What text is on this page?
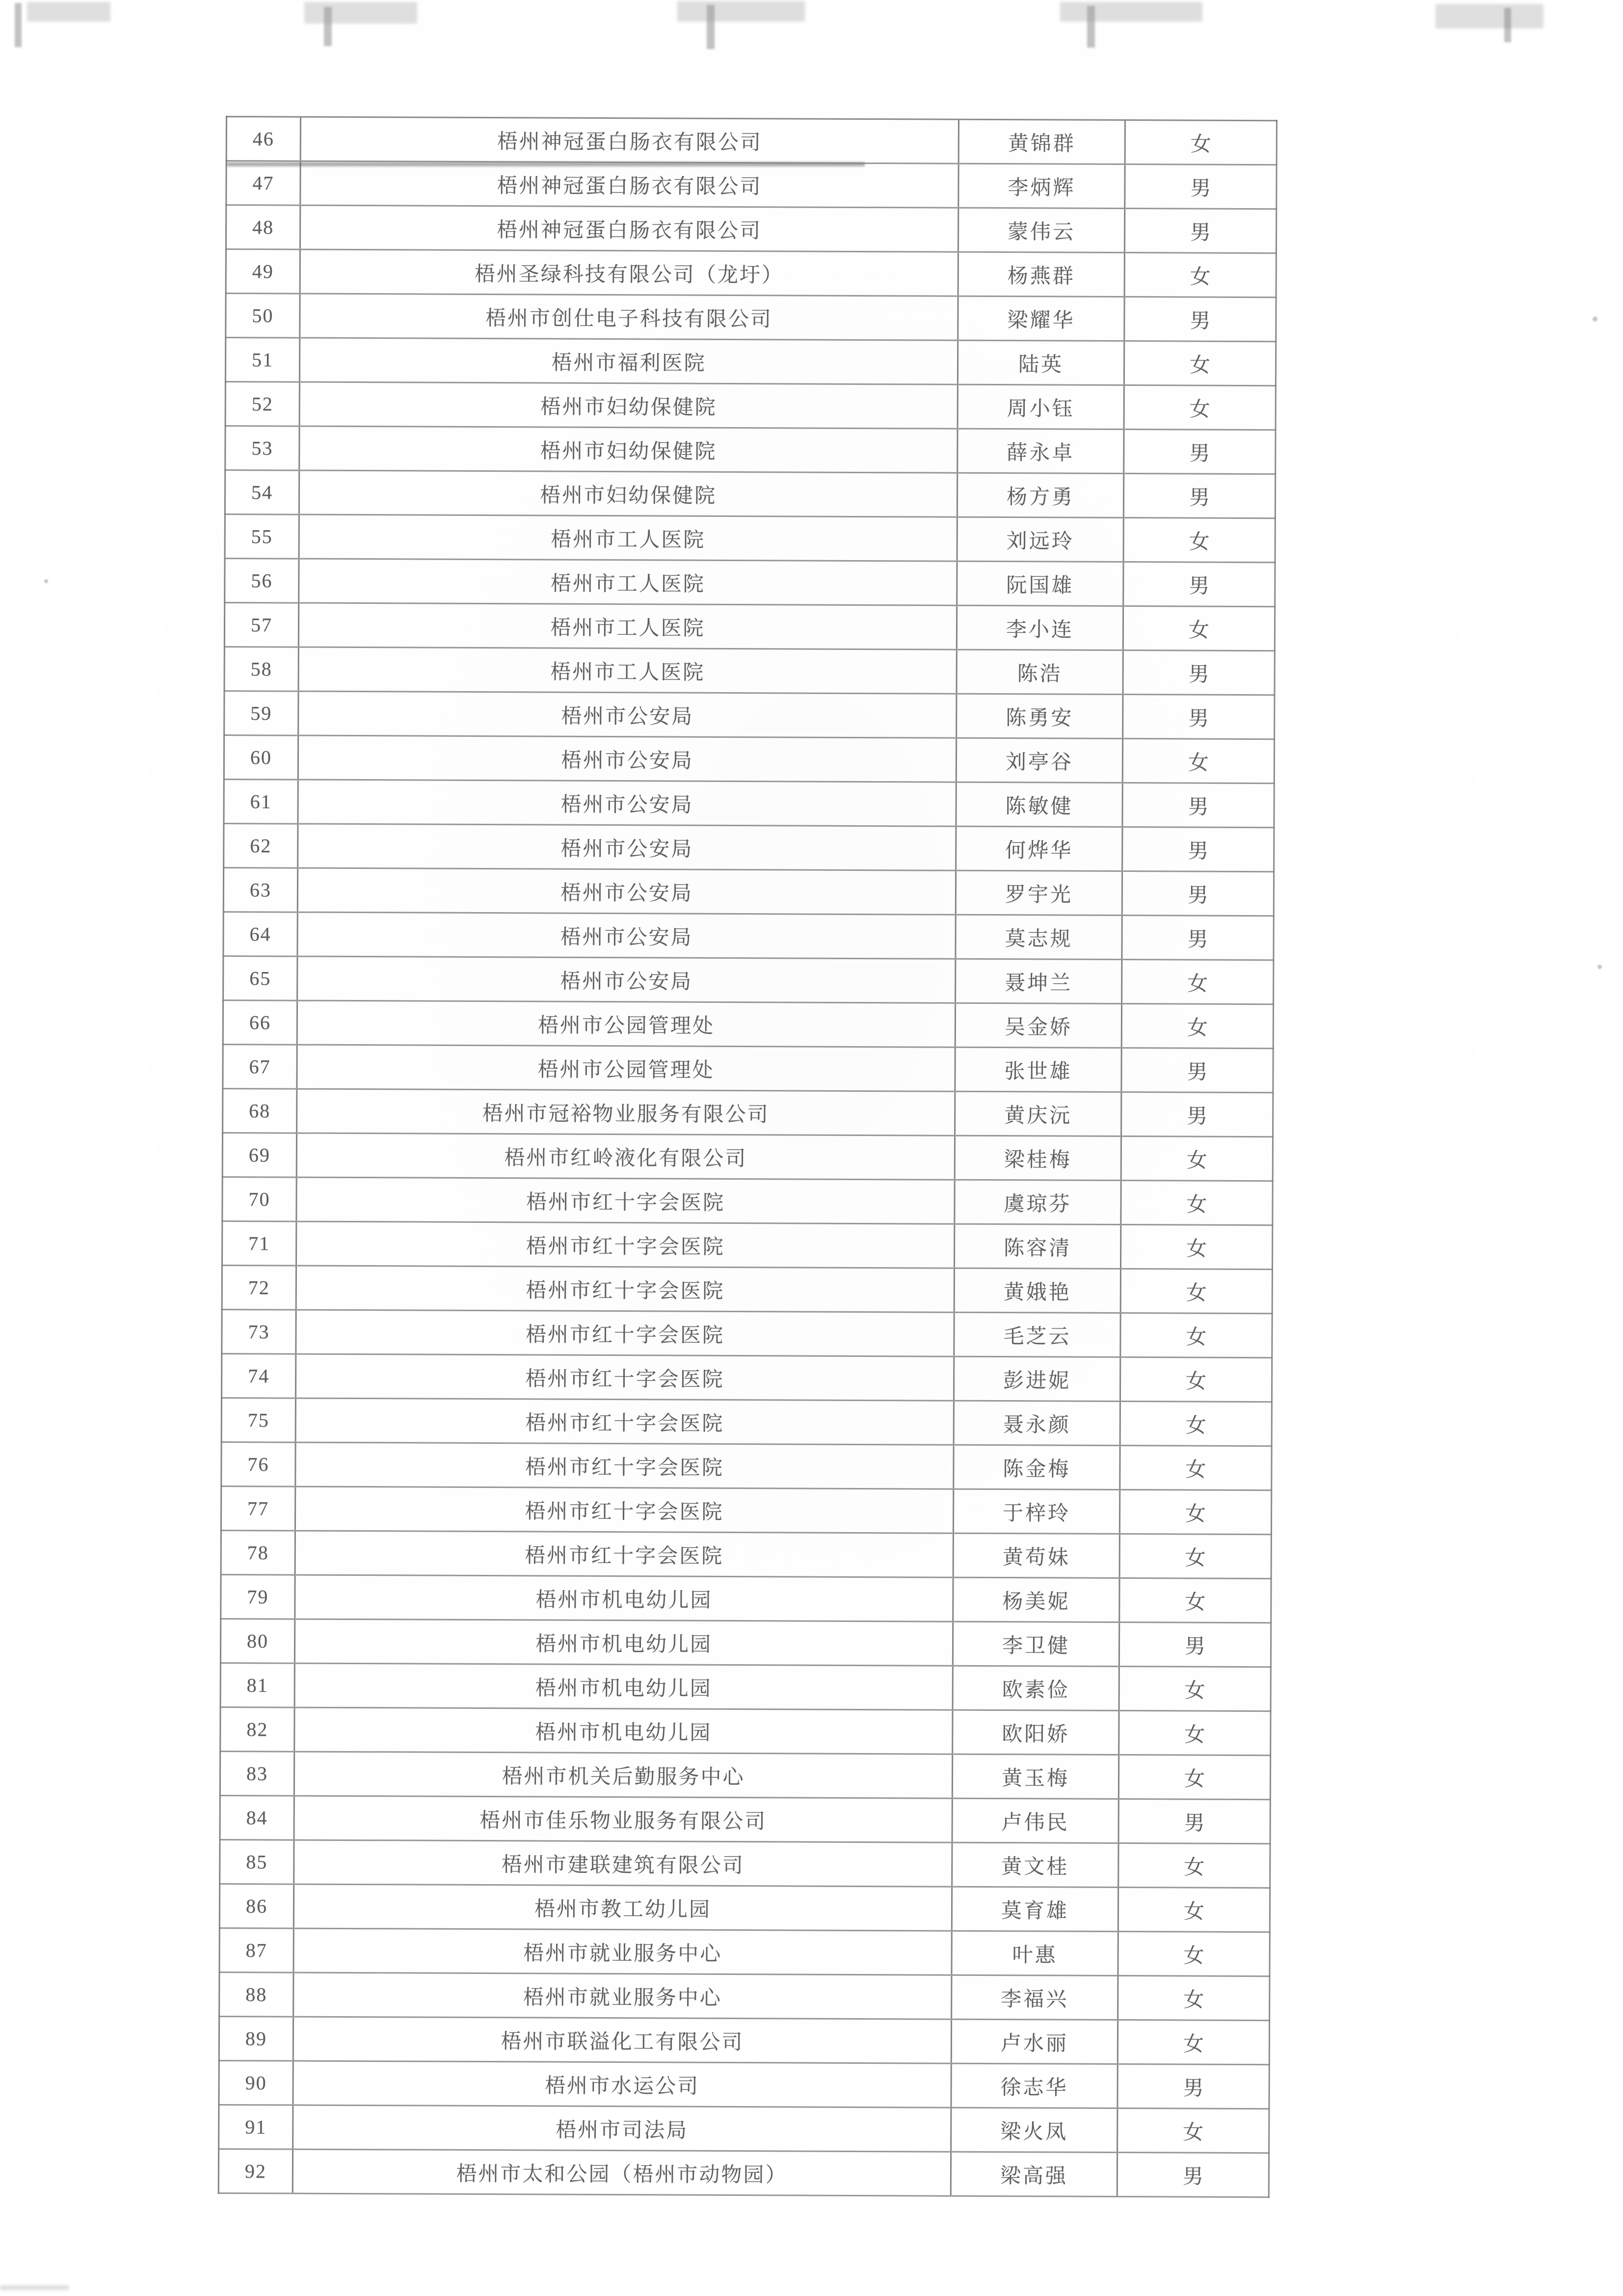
46	梧州神冠蛋白肠衣有限公司	黄锦群	女
47	梧州神冠蛋白肠衣有限公司	李炳辉	男
48	梧州神冠蛋白肠衣有限公司	蒙伟云	男
49	梧州圣绿科技有限公司（龙圩）	杨燕群	女
50	梧州市创仕电子科技有限公司	梁耀华	男
51	梧州市福利医院	陆英	女
52	梧州市妇幼保健院	周小钰	女
53	梧州市妇幼保健院	薛永卓	男
54	梧州市妇幼保健院	杨方勇	男
55	梧州市工人医院	刘远玲	女
56	梧州市工人医院	阮国雄	男
57	梧州市工人医院	李小连	女
58	梧州市工人医院	陈浩	男
59	梧州市公安局	陈勇安	男
60	梧州市公安局	刘亭谷	女
61	梧州市公安局	陈敏健	男
62	梧州市公安局	何烨华	男
63	梧州市公安局	罗宇光	男
64	梧州市公安局	莫志规	男
65	梧州市公安局	聂坤兰	女
66	梧州市公园管理处	吴金娇	女
67	梧州市公园管理处	张世雄	男
68	梧州市冠裕物业服务有限公司	黄庆沅	男
69	梧州市红岭液化有限公司	梁桂梅	女
70	梧州市红十字会医院	虞琼芬	女
71	梧州市红十字会医院	陈容清	女
72	梧州市红十字会医院	黄娥艳	女
73	梧州市红十字会医院	毛芝云	女
74	梧州市红十字会医院	彭进妮	女
75	梧州市红十字会医院	聂永颜	女
76	梧州市红十字会医院	陈金梅	女
77	梧州市红十字会医院	于梓玲	女
78	梧州市红十字会医院	黄苟妹	女
79	梧州市机电幼儿园	杨美妮	女
80	梧州市机电幼儿园	李卫健	男
81	梧州市机电幼儿园	欧素俭	女
82	梧州市机电幼儿园	欧阳娇	女
83	梧州市机关后勤服务中心	黄玉梅	女
84	梧州市佳乐物业服务有限公司	卢伟民	男
85	梧州市建联建筑有限公司	黄文桂	女
86	梧州市教工幼儿园	莫育雄	女
87	梧州市就业服务中心	叶惠	女
88	梧州市就业服务中心	李福兴	女
89	梧州市联溢化工有限公司	卢水丽	女
90	梧州市水运公司	徐志华	男
91	梧州市司法局	梁火凤	女
92	梧州市太和公园（梧州市动物园）	梁高强	男
